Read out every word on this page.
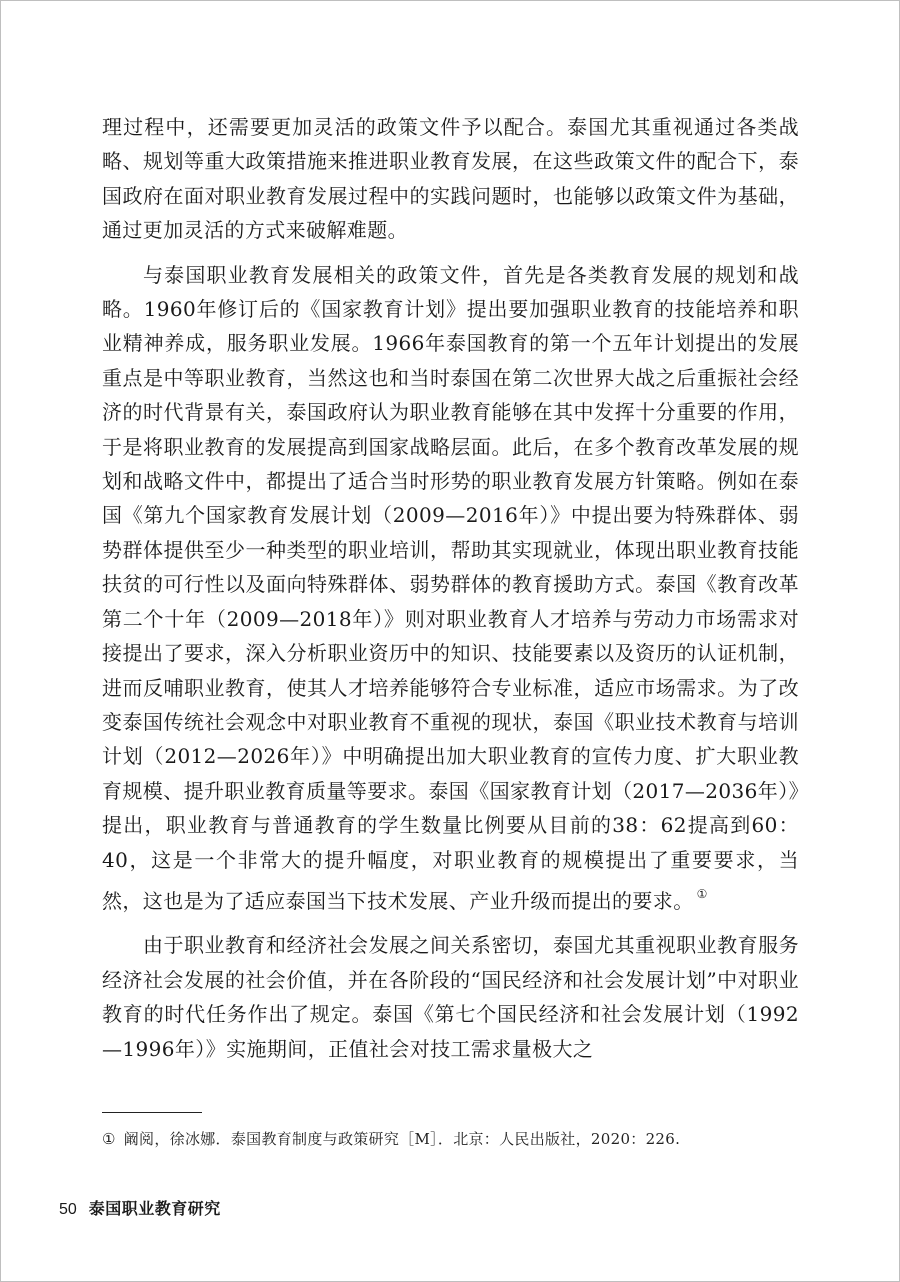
理过程中，还需要更加灵活的政策文件予以配合。泰国尤其重视通过各类战略、规划等重大政策措施来推进职业教育发展，在这些政策文件的配合下，泰国政府在面对职业教育发展过程中的实践问题时，也能够以政策文件为基础，通过更加灵活的方式来破解难题。

与泰国职业教育发展相关的政策文件，首先是各类教育发展的规划和战略。1960年修订后的《国家教育计划》提出要加强职业教育的技能培养和职业精神养成，服务职业发展。1966年泰国教育的第一个五年计划提出的发展重点是中等职业教育，当然这也和当时泰国在第二次世界大战之后重振社会经济的时代背景有关，泰国政府认为职业教育能够在其中发挥十分重要的作用，于是将职业教育的发展提高到国家战略层面。此后，在多个教育改革发展的规划和战略文件中，都提出了适合当时形势的职业教育发展方针策略。例如在泰国《第九个国家教育发展计划（2009—2016年）》中提出要为特殊群体、弱势群体提供至少一种类型的职业培训，帮助其实现就业，体现出职业教育技能扶贫的可行性以及面向特殊群体、弱势群体的教育援助方式。泰国《教育改革第二个十年（2009—2018年）》则对职业教育人才培养与劳动力市场需求对接提出了要求，深入分析职业资历中的知识、技能要素以及资历的认证机制，进而反哺职业教育，使其人才培养能够符合专业标准，适应市场需求。为了改变泰国传统社会观念中对职业教育不重视的现状，泰国《职业技术教育与培训计划（2012—2026年）》中明确提出加大职业教育的宣传力度、扩大职业教育规模、提升职业教育质量等要求。泰国《国家教育计划（2017—2036年）》提出，职业教育与普通教育的学生数量比例要从目前的38：62提高到60：40，这是一个非常大的提升幅度，对职业教育的规模提出了重要要求，当然，这也是为了适应泰国当下技术发展、产业升级而提出的要求。 ①

由于职业教育和经济社会发展之间关系密切，泰国尤其重视职业教育服务经济社会发展的社会价值，并在各阶段的“国民经济和社会发展计划”中对职业教育的时代任务作出了规定。泰国《第七个国民经济和社会发展计划（1992—1996年）》实施期间，正值社会对技工需求量极大之

① 阚阅，徐冰娜．泰国教育制度与政策研究［M］．北京：人民出版社，2020：226.
50 泰国职业教育研究
